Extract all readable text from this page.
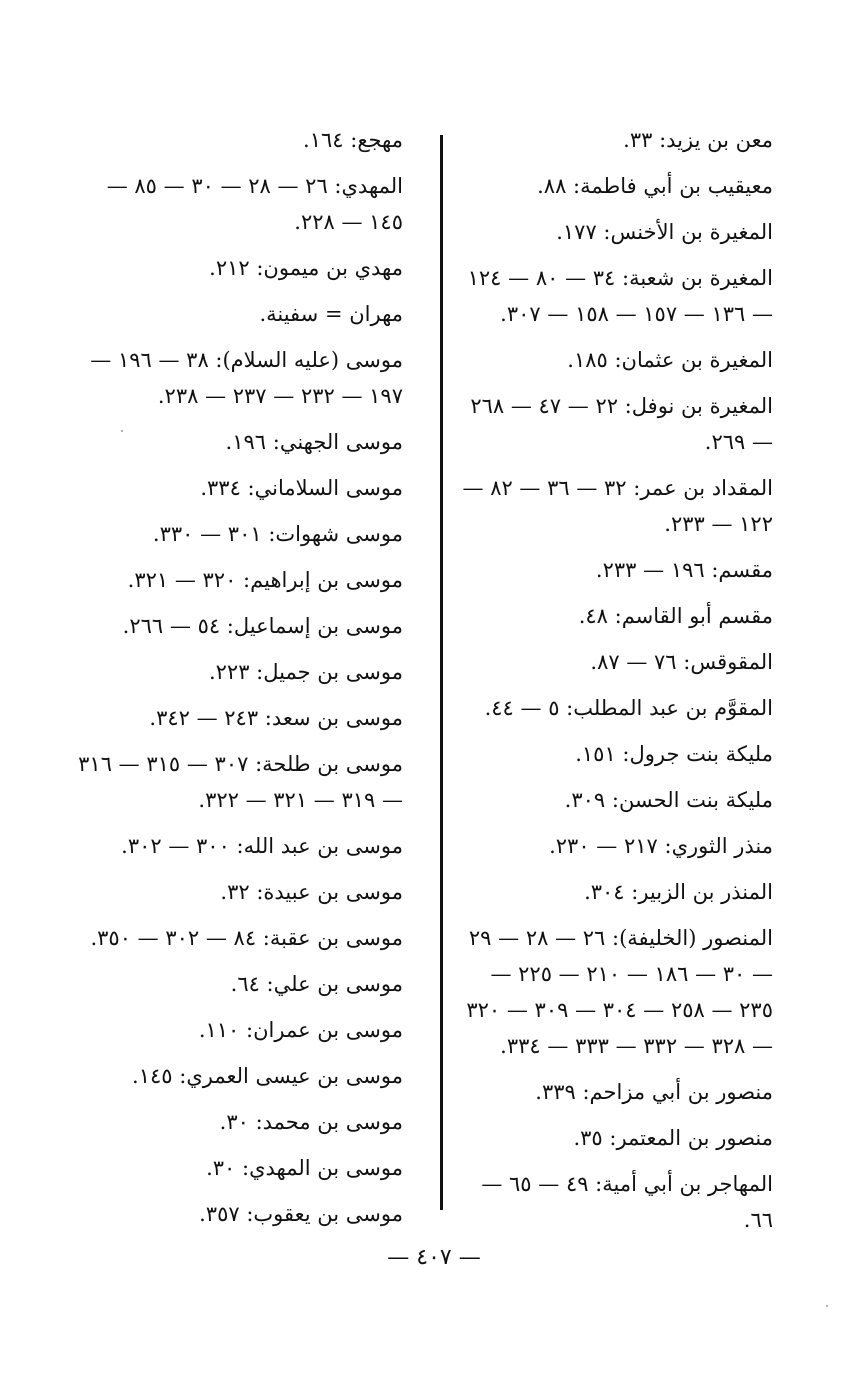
معن بن يزيد: ٣٣.

معيقيب بن أبي فاطمة: ٨٨.

المغيرة بن الأخنس: ١٧٧.

المغيرة بن شعبة: ٣٤ — ٨٠ — ١٢٤ — ١٣٦ — ١٥٧ — ١٥٨ — ٣٠٧.

المغيرة بن عثمان: ١٨٥.

المغيرة بن نوفل: ٢٢ — ٤٧ — ٢٦٨ — ٢٦٩.

المقداد بن عمر: ٣٢ — ٣٦ — ٨٢ — ١٢٢ — ٢٣٣.

مقسم: ١٩٦ — ٢٣٣.

مقسم أبو القاسم: ٤٨.

المقوقس: ٧٦ — ٨٧.

المقوَّم بن عبد المطلب: ٥ — ٤٤.

مليكة بنت جرول: ١٥١.

مليكة بنت الحسن: ٣٠٩.

منذر الثوري: ٢١٧ — ٢٣٠.

المنذر بن الزبير: ٣٠٤.

المنصور (الخليفة): ٢٦ — ٢٨ — ٢٩ — ٣٠ — ١٨٦ — ٢١٠ — ٢٢٥ — ٢٣٥ — ٢٥٨ — ٣٠٤ — ٣٠٩ — ٣٢٠ — ٣٢٨ — ٣٣٢ — ٣٣٣ — ٣٣٤.

منصور بن أبي مزاحم: ٣٣٩.

منصور بن المعتمر: ٣٥.

المهاجر بن أبي أمية: ٤٩ — ٦٥ — ٦٦.

مهجع: ١٦٤.

المهدي: ٢٦ — ٢٨ — ٣٠ — ٨٥ — ١٤٥ — ٢٢٨.

مهدي بن ميمون: ٢١٢.

مهران = سفينة.

موسى (عليه السلام): ٣٨ — ١٩٦ — ١٩٧ — ٢٣٢ — ٢٣٧ — ٢٣٨.

موسى الجهني: ١٩٦.

موسى السلاماني: ٣٣٤.

موسى شهوات: ٣٠١ — ٣٣٠.

موسى بن إبراهيم: ٣٢٠ — ٣٢١.

موسى بن إسماعيل: ٥٤ — ٢٦٦.

موسى بن جميل: ٢٢٣.

موسى بن سعد: ٢٤٣ — ٣٤٢.

موسى بن طلحة: ٣٠٧ — ٣١٥ — ٣١٦ — ٣١٩ — ٣٢١ — ٣٢٢.

موسى بن عبد الله: ٣٠٠ — ٣٠٢.

موسى بن عبيدة: ٣٢.

موسى بن عقبة: ٨٤ — ٣٠٢ — ٣٥٠.

موسى بن علي: ٦٤.

موسى بن عمران: ١١٠.

موسى بن عيسى العمري: ١٤٥.

موسى بن محمد: ٣٠.

موسى بن المهدي: ٣٠.

موسى بن يعقوب: ٣٥٧.

— ٤٠٧ —
